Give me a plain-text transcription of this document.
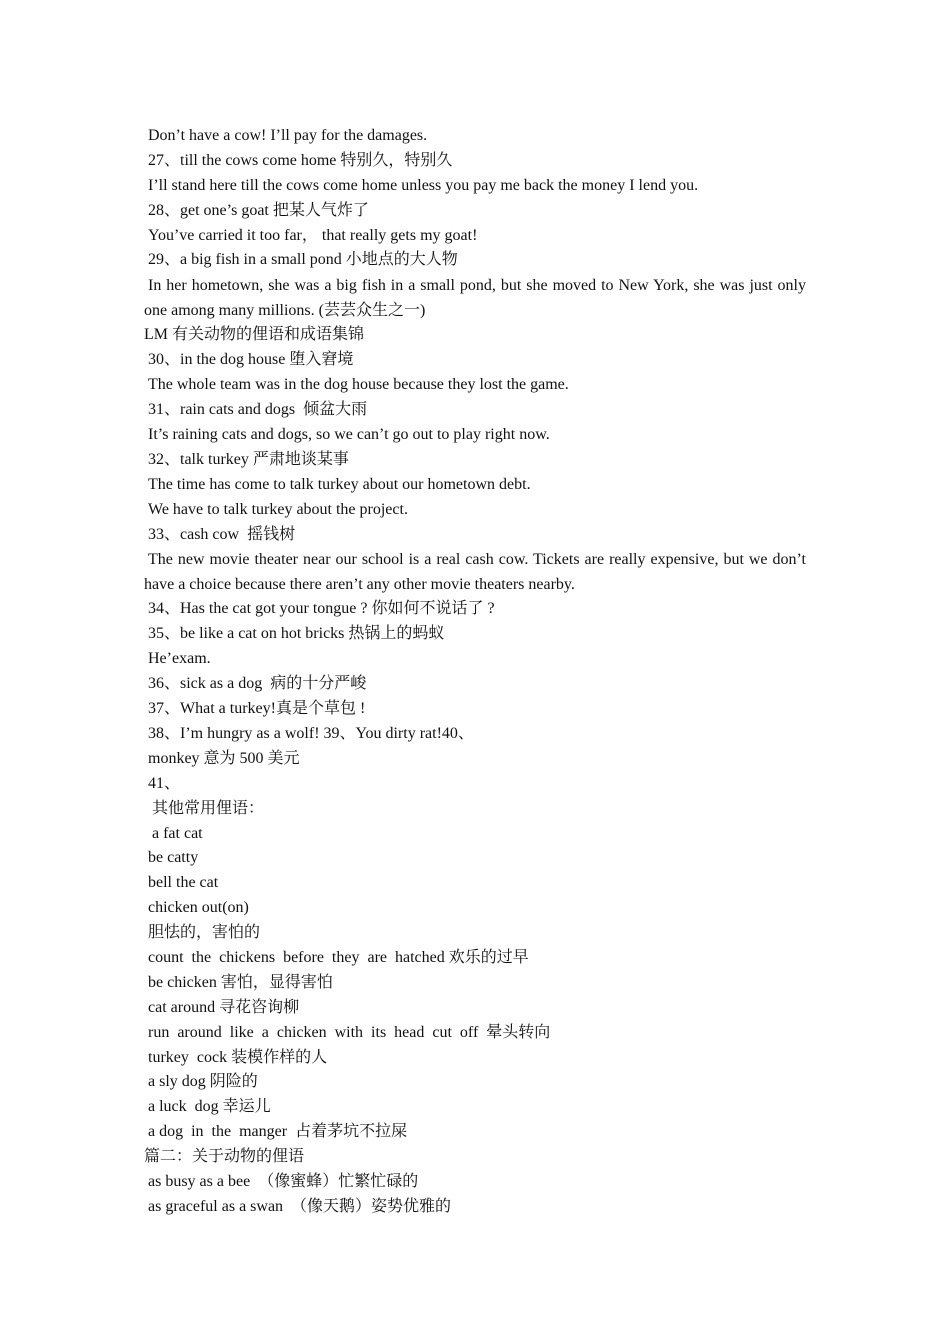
Don’t have a cow! I’ll pay for the damages.
27、till the cows come home 特别久，特别久
I’ll stand here till the cows come home unless you pay me back the money I lend you.
28、get one’s goat 把某人气炸了
You’ve carried it too far， that really gets my goat!
29、a big fish in a small pond 小地点的大人物
In her hometown, she was a big fish in a small pond, but she moved to New York, she was just only one among many millions. (芸芸众生之一)
LM 有关动物的俚语和成语集锦
30、in the dog house 堕入窘境
The whole team was in the dog house because they lost the game.
31、rain cats and dogs  倾盆大雨
It’s raining cats and dogs, so we can’t go out to play right now.
32、talk turkey 严肃地谈某事
The time has come to talk turkey about our hometown debt.
We have to talk turkey about the project.
33、cash cow  摇钱树
The new movie theater near our school is a real cash cow. Tickets are really expensive, but we don’t have a choice because there aren’t any other movie theaters nearby.
34、Has the cat got your tongue ? 你如何不说话了 ?
35、be like a cat on hot bricks 热锅上的蚂蚁
He’exam.
36、sick as a dog  病的十分严峻
37、What a turkey!真是个草包 !
38、I’m hungry as a wolf! 39、You dirty rat!40、
monkey 意为 500 美元
41、
其他常用俚语：
a fat cat
be catty
bell the cat
chicken out(on)
胆怯的，害怕的
count  the  chickens  before  they  are  hatched 欢乐的过早
be chicken 害怕，显得害怕
cat around 寻花咨询柳
run  around  like  a  chicken  with  its  head  cut  off  晕头转向
turkey  cock 装模作样的人
a sly dog 阴险的
a luck  dog 幸运儿
a dog  in  the  manger  占着茅坑不拉屎
篇二：关于动物的俚语
as busy as a bee  （像蜜蜂）忙繁忙碌的
as graceful as a swan  （像天鹅）姿势优雅的
